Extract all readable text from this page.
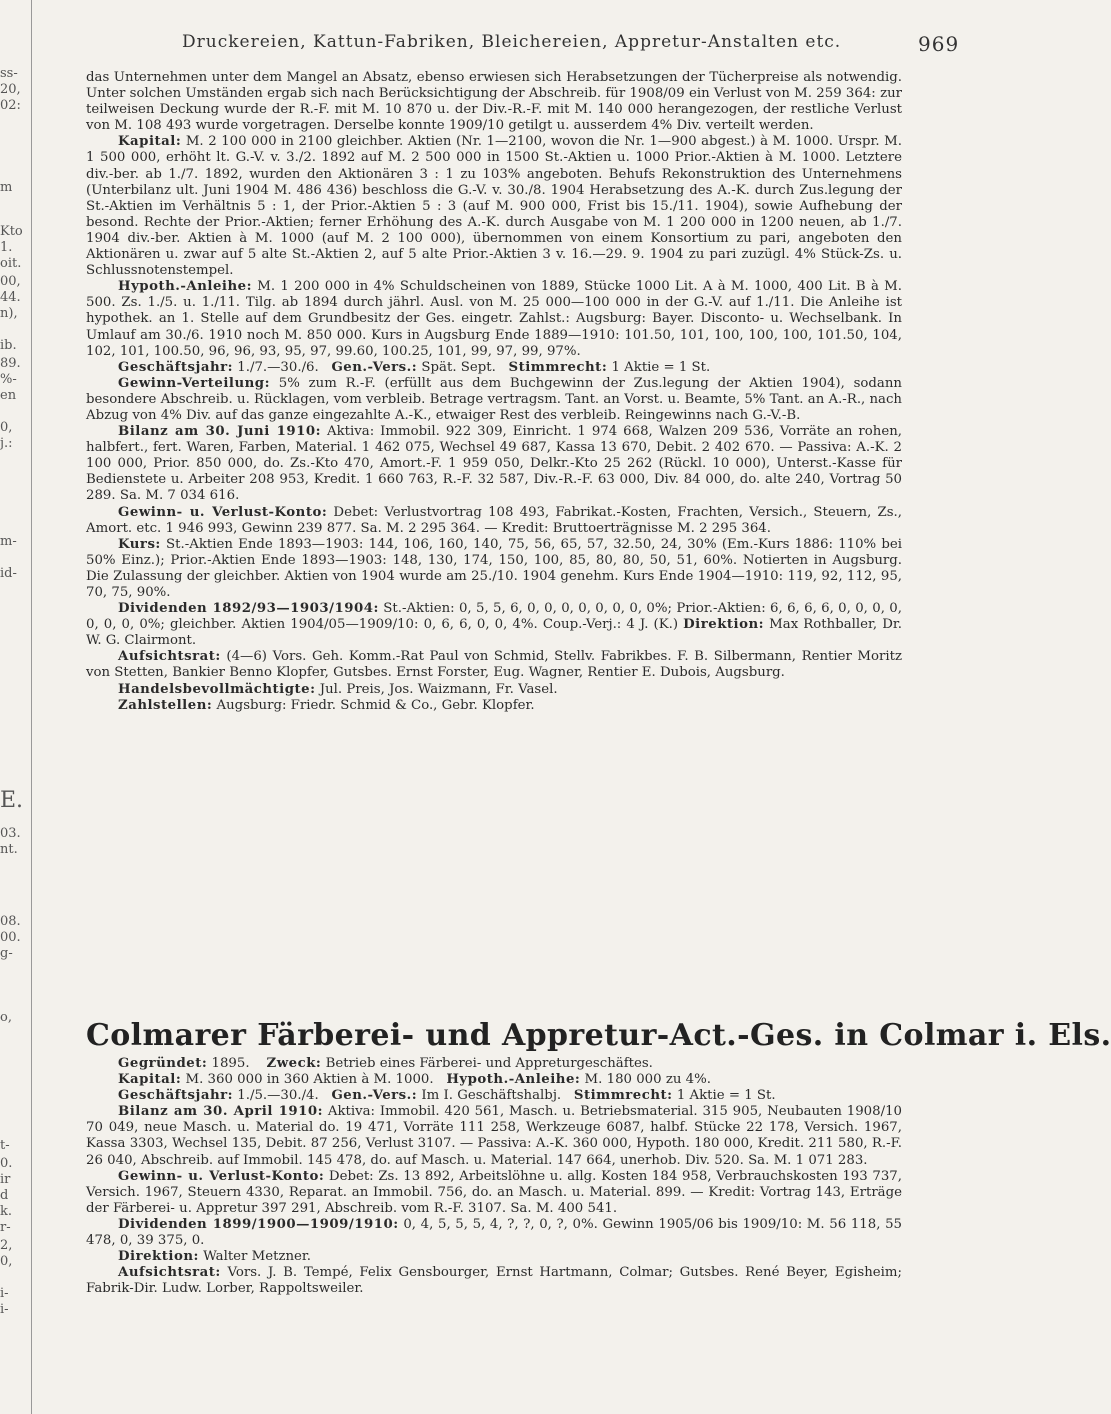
Druckereien, Kattun-Fabriken, Bleichereien, Appretur-Anstalten etc.	969
ss-
20,
02:
m
Kto
1.
oit.
00,
44.
n),
ib.
89.
%-
en
0,
j.:
m-
id-
E.
03.
nt.
08.
00.
g-
o,
t-
0.
ir
d
k.
r-
2,
0,
i-
i-

das Unternehmen unter dem Mangel an Absatz, ebenso erwiesen sich Herabsetzungen der Tücherpreise als notwendig. Unter solchen Umständen ergab sich nach Berücksichtigung der Abschreib. für 1908/09 ein Verlust von M. 259 364: zur teilweisen Deckung wurde der R.-F. mit M. 10 870 u. der Div.-R.-F. mit M. 140 000 herangezogen, der restliche Verlust von M. 108 493 wurde vorgetragen. Derselbe konnte 1909/10 getilgt u. ausserdem 4% Div. verteilt werden.

Kapital: M. 2 100 000 in 2100 gleichber. Aktien (Nr. 1—2100, wovon die Nr. 1—900 abgest.) à M. 1000. Urspr. M. 1 500 000, erhöht lt. G.-V. v. 3./2. 1892 auf M. 2 500 000 in 1500 St.-Aktien u. 1000 Prior.-Aktien à M. 1000. Letztere div.-ber. ab 1./7. 1892, wurden den Aktionären 3 : 1 zu 103% angeboten. Behufs Rekonstruktion des Unternehmens (Unterbilanz ult. Juni 1904 M. 486 436) beschloss die G.-V. v. 30./8. 1904 Herabsetzung des A.-K. durch Zus.legung der St.-Aktien im Verhältnis 5 : 1, der Prior.-Aktien 5 : 3 (auf M. 900 000, Frist bis 15./11. 1904), sowie Aufhebung der besond. Rechte der Prior.-Aktien; ferner Erhöhung des A.-K. durch Ausgabe von M. 1 200 000 in 1200 neuen, ab 1./7. 1904 div.-ber. Aktien à M. 1000 (auf M. 2 100 000), übernommen von einem Konsortium zu pari, angeboten den Aktionären u. zwar auf 5 alte St.-Aktien 2, auf 5 alte Prior.-Aktien 3 v. 16.—29. 9. 1904 zu pari zuzügl. 4% Stück-Zs. u. Schlussnotenstempel.

Hypoth.-Anleihe: M. 1 200 000 in 4% Schuldscheinen von 1889, Stücke 1000 Lit. A à M. 1000, 400 Lit. B à M. 500. Zs. 1./5. u. 1./11. Tilg. ab 1894 durch jährl. Ausl. von M. 25 000—100 000 in der G.-V. auf 1./11. Die Anleihe ist hypothek. an 1. Stelle auf dem Grundbesitz der Ges. eingetr. Zahlst.: Augsburg: Bayer. Disconto- u. Wechselbank. In Umlauf am 30./6. 1910 noch M. 850 000. Kurs in Augsburg Ende 1889—1910: 101.50, 101, 100, 100, 100, 101.50, 104, 102, 101, 100.50, 96, 96, 93, 95, 97, 99.60, 100.25, 101, 99, 97, 99, 97%.

Geschäftsjahr: 1./7.—30./6. Gen.-Vers.: Spät. Sept. Stimmrecht: 1 Aktie = 1 St.

Gewinn-Verteilung: 5% zum R.-F. (erfüllt aus dem Buchgewinn der Zus.legung der Aktien 1904), sodann besondere Abschreib. u. Rücklagen, vom verbleib. Betrage vertragsm. Tant. an Vorst. u. Beamte, 5% Tant. an A.-R., nach Abzug von 4% Div. auf das ganze eingezahlte A.-K., etwaiger Rest des verbleib. Reingewinns nach G.-V.-B.

Bilanz am 30. Juni 1910: Aktiva: Immobil. 922 309, Einricht. 1 974 668, Walzen 209 536, Vorräte an rohen, halbfert., fert. Waren, Farben, Material. 1 462 075, Wechsel 49 687, Kassa 13 670, Debit. 2 402 670. — Passiva: A.-K. 2 100 000, Prior. 850 000, do. Zs.-Kto 470, Amort.-F. 1 959 050, Delkr.-Kto 25 262 (Rückl. 10 000), Unterst.-Kasse für Bedienstete u. Arbeiter 208 953, Kredit. 1 660 763, R.-F. 32 587, Div.-R.-F. 63 000, Div. 84 000, do. alte 240, Vortrag 50 289. Sa. M. 7 034 616.

Gewinn- u. Verlust-Konto: Debet: Verlustvortrag 108 493, Fabrikat.-Kosten, Frachten, Versich., Steuern, Zs., Amort. etc. 1 946 993, Gewinn 239 877. Sa. M. 2 295 364. — Kredit: Bruttoerträgnisse M. 2 295 364.

Kurs: St.-Aktien Ende 1893—1903: 144, 106, 160, 140, 75, 56, 65, 57, 32.50, 24, 30% (Em.-Kurs 1886: 110% bei 50% Einz.); Prior.-Aktien Ende 1893—1903: 148, 130, 174, 150, 100, 85, 80, 80, 50, 51, 60%. Notierten in Augsburg. Die Zulassung der gleichber. Aktien von 1904 wurde am 25./10. 1904 genehm. Kurs Ende 1904—1910: 119, 92, 112, 95, 70, 75, 90%.

Dividenden 1892/93—1903/1904: St.-Aktien: 0, 5, 5, 6, 0, 0, 0, 0, 0, 0, 0, 0%; Prior.-Aktien: 6, 6, 6, 6, 0, 0, 0, 0, 0, 0, 0, 0%; gleichber. Aktien 1904/05—1909/10: 0, 6, 6, 0, 0, 4%. Coup.-Verj.: 4 J. (K.) Direktion: Max Rothballer, Dr. W. G. Clairmont.

Aufsichtsrat: (4—6) Vors. Geh. Komm.-Rat Paul von Schmid, Stellv. Fabrikbes. F. B. Silbermann, Rentier Moritz von Stetten, Bankier Benno Klopfer, Gutsbes. Ernst Forster, Eug. Wagner, Rentier E. Dubois, Augsburg.

Handelsbevollmächtigte: Jul. Preis, Jos. Waizmann, Fr. Vasel.

Zahlstellen: Augsburg: Friedr. Schmid & Co., Gebr. Klopfer.

Colmarer Färberei- und Appretur-Act.-Ges. in Colmar i. Els.

Gegründet: 1895. Zweck: Betrieb eines Färberei- und Appreturgeschäftes.

Kapital: M. 360 000 in 360 Aktien à M. 1000. Hypoth.-Anleihe: M. 180 000 zu 4%.

Geschäftsjahr: 1./5.—30./4. Gen.-Vers.: Im I. Geschäftshalbj. Stimmrecht: 1 Aktie = 1 St.

Bilanz am 30. April 1910: Aktiva: Immobil. 420 561, Masch. u. Betriebsmaterial. 315 905, Neubauten 1908/10 70 049, neue Masch. u. Material do. 19 471, Vorräte 111 258, Werkzeuge 6087, halbf. Stücke 22 178, Versich. 1967, Kassa 3303, Wechsel 135, Debit. 87 256, Verlust 3107. — Passiva: A.-K. 360 000, Hypoth. 180 000, Kredit. 211 580, R.-F. 26 040, Abschreib. auf Immobil. 145 478, do. auf Masch. u. Material. 147 664, unerhob. Div. 520. Sa. M. 1 071 283.

Gewinn- u. Verlust-Konto: Debet: Zs. 13 892, Arbeitslöhne u. allg. Kosten 184 958, Verbrauchskosten 193 737, Versich. 1967, Steuern 4330, Reparat. an Immobil. 756, do. an Masch. u. Material. 899. — Kredit: Vortrag 143, Erträge der Färberei- u. Appretur 397 291, Abschreib. vom R.-F. 3107. Sa. M. 400 541.

Dividenden 1899/1900—1909/1910: 0, 4, 5, 5, 5, 4, ?, ?, 0, ?, 0%. Gewinn 1905/06 bis 1909/10: M. 56 118, 55 478, 0, 39 375, 0.

Direktion: Walter Metzner.

Aufsichtsrat: Vors. J. B. Tempé, Felix Gensbourger, Ernst Hartmann, Colmar; Gutsbes. René Beyer, Egisheim; Fabrik-Dir. Ludw. Lorber, Rappoltsweiler.
